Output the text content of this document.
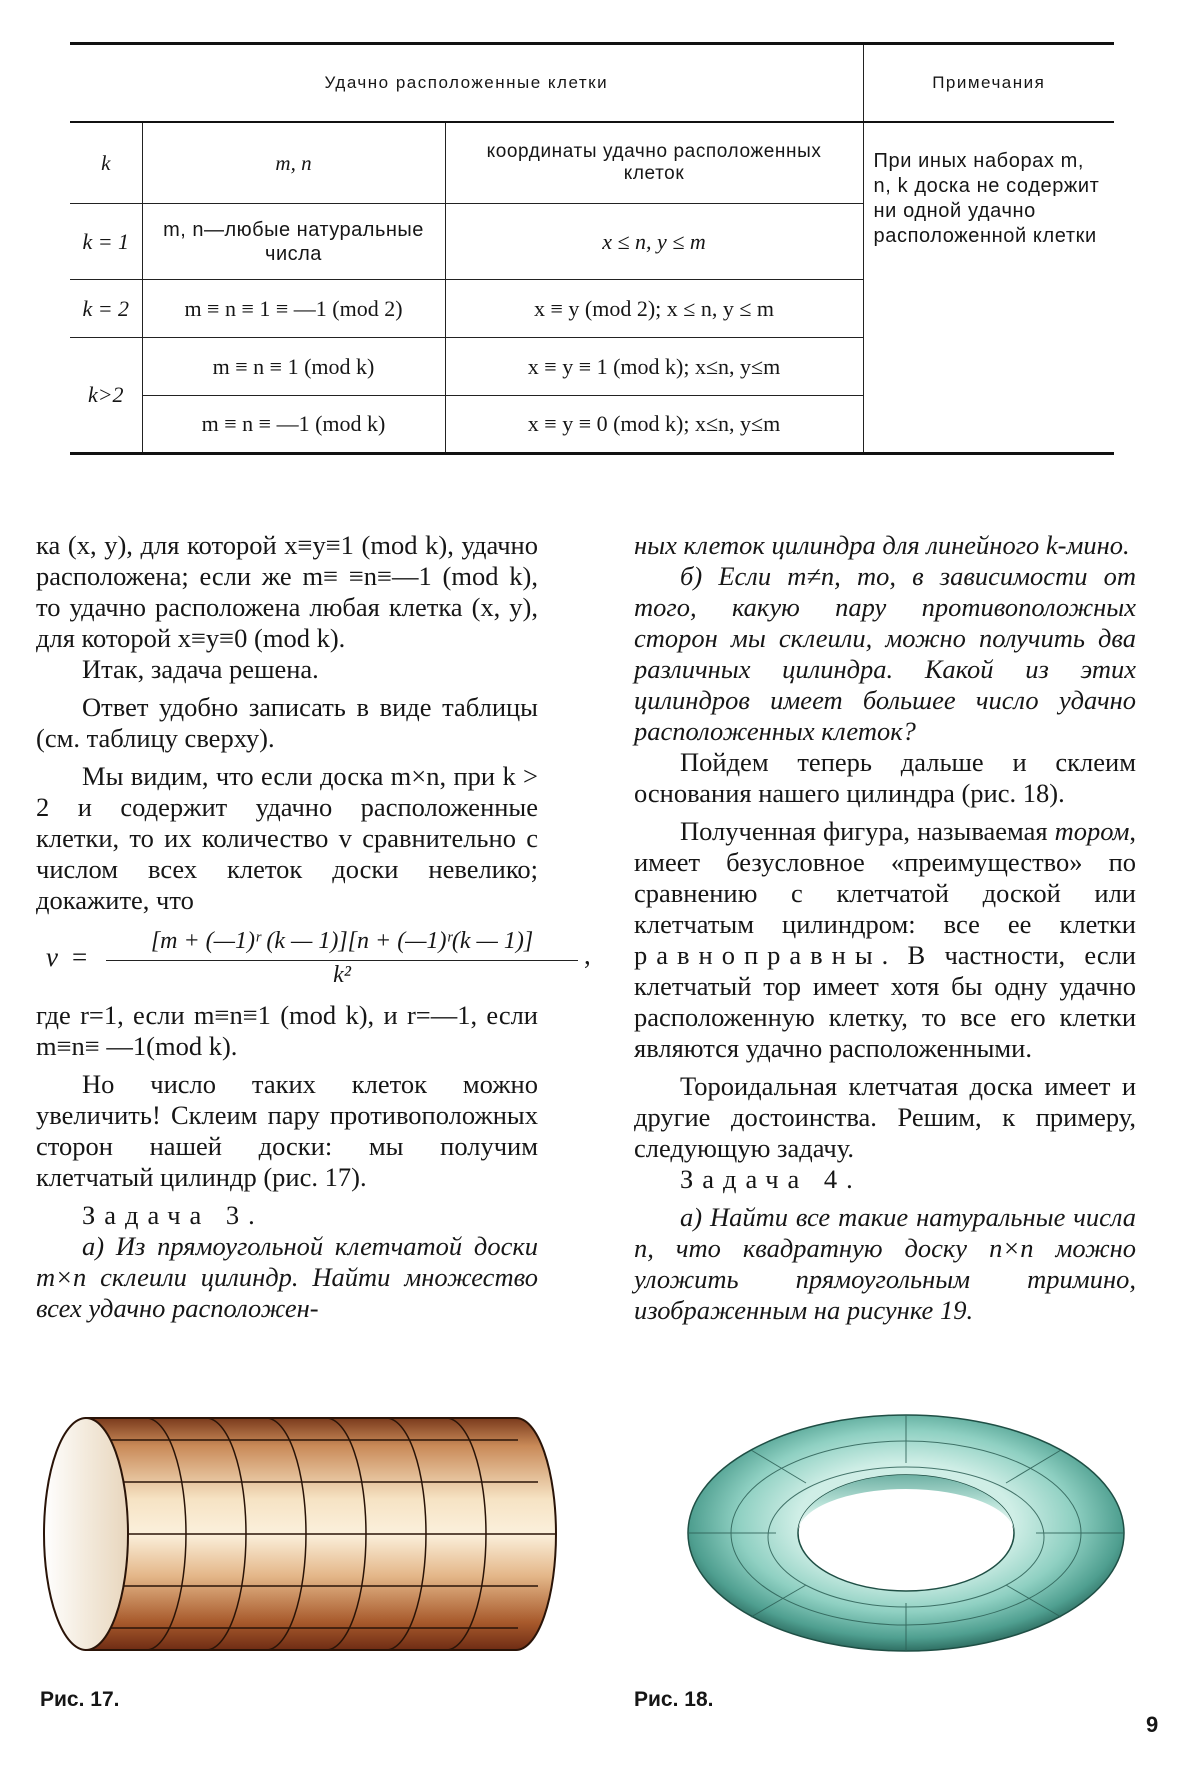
Удачно расположенные клетки			Примечания
k	m, n	координаты удачно расположенных клеток	При иных наборах m, n, k доска не содержит ни одной удачно расположенной клетки
k = 1	m, n—любые натуральные числа	x ≤ n, y ≤ m	
k = 2	m ≡ n ≡ 1 ≡ —1 (mod 2)	x ≡ y (mod 2); x ≤ n, y ≤ m	
k>2	m ≡ n ≡ 1 (mod k)	x ≡ y ≡ 1 (mod k); x≤n, y≤m	
	m ≡ n ≡ —1 (mod k)	x ≡ y ≡ 0 (mod k); x≤n, y≤m	

ка (x, y), для которой x≡y≡1 (mod k), удачно расположена; если же m≡ ≡n≡—1 (mod k), то удачно расположена любая клетка (x, y), для которой x≡y≡0 (mod k).

Итак, задача решена.

Ответ удобно записать в виде таблицы (см. таблицу сверху).

Мы видим, что если доска m×n, при k > 2 и содержит удачно расположенные клетки, то их количество v сравнительно с числом всех клеток доски невелико; докажите, что

v =
[m + (—1)ʳ (k — 1)][n + (—1)ʳ(k — 1)]
k²
,

где r=1, если m≡n≡1 (mod k), и r=—1, если m≡n≡ —1(mod k).

Но число таких клеток можно увеличить! Склеим пару противоположных сторон нашей доски: мы получим клетчатый цилиндр (рис. 17).

Задача 3.

а) Из прямоугольной клетчатой доски m×n склеили цилиндр. Найти множество всех удачно расположен-

ных клеток цилиндра для линейного k-мино.

б) Если m≠n, то, в зависимости от того, какую пару противоположных сторон мы склеили, можно получить два различных цилиндра. Какой из этих цилиндров имеет большее число удачно расположенных клеток?

Пойдем теперь дальше и склеим основания нашего цилиндра (рис. 18).

Полученная фигура, называемая тором, имеет безусловное «преимущество» по сравнению с клетчатой доской или клетчатым цилиндром: все ее клетки равноправны. В частности, если клетчатый тор имеет хотя бы одну удачно расположенную клетку, то все его клетки являются удачно расположенными.

Тороидальная клетчатая доска имеет и другие достоинства. Решим, к примеру, следующую задачу.

Задача 4.

а) Найти все такие натуральные числа n, что квадратную доску n×n можно уложить прямоугольным тримино, изображенным на рисунке 19.

Рис. 17.	Рис. 18.
9
